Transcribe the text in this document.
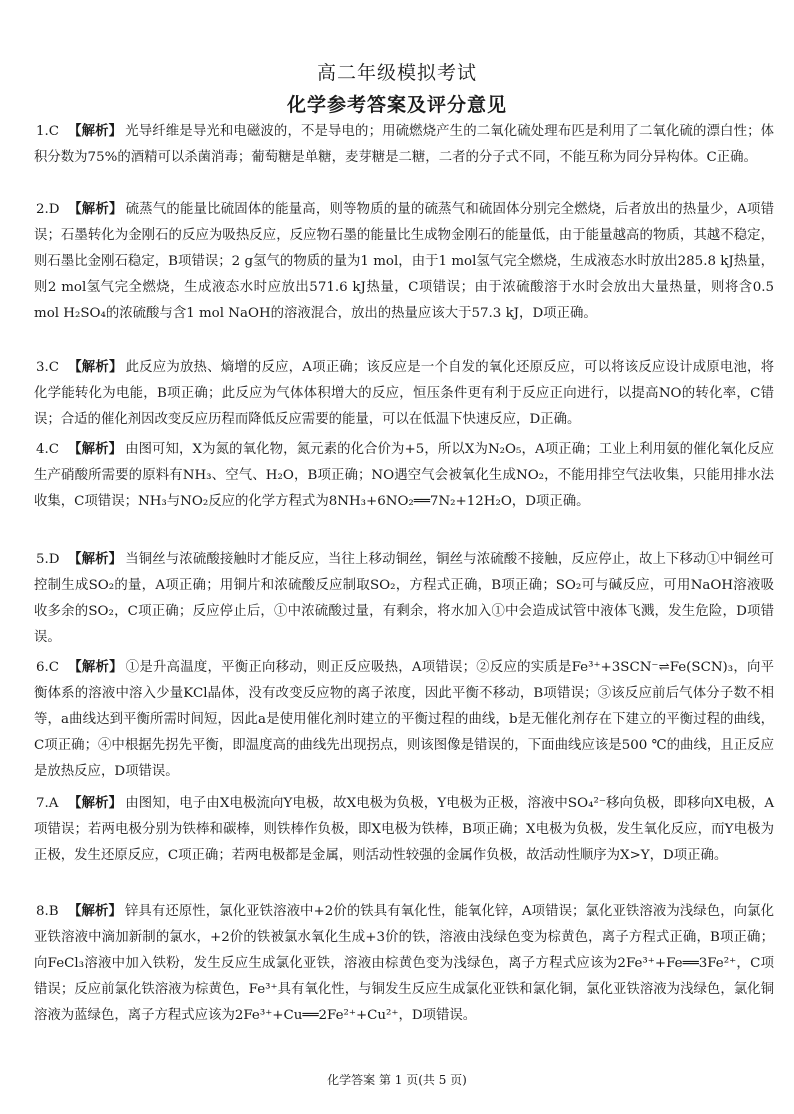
高二年级模拟考试
化学参考答案及评分意见
1.C 【解析】 光导纤维是导光和电磁波的，不是导电的；用硫燃烧产生的二氧化硫处理布匹是利用了二氧化硫的漂白性；体积分数为75%的酒精可以杀菌消毒；葡萄糖是单糖，麦芽糖是二糖，二者的分子式不同，不能互称为同分异构体。C正确。
2.D 【解析】 硫蒸气的能量比硫固体的能量高，则等物质的量的硫蒸气和硫固体分别完全燃烧，后者放出的热量少，A项错误；石墨转化为金刚石的反应为吸热反应，反应物石墨的能量比生成物金刚石的能量低，由于能量越高的物质，其越不稳定，则石墨比金刚石稳定，B项错误；2 g氢气的物质的量为1 mol，由于1 mol氢气完全燃烧，生成液态水时放出285.8 kJ热量，则2 mol氢气完全燃烧，生成液态水时应放出571.6 kJ热量，C项错误；由于浓硫酸溶于水时会放出大量热量，则将含0.5 mol H₂SO₄的浓硫酸与含1 mol NaOH的溶液混合，放出的热量应该大于57.3 kJ，D项正确。
3.C 【解析】 此反应为放热、熵增的反应，A项正确；该反应是一个自发的氧化还原反应，可以将该反应设计成原电池，将化学能转化为电能，B项正确；此反应为气体体积增大的反应，恒压条件更有利于反应正向进行，以提高NO的转化率，C错误；合适的催化剂因改变反应历程而降低反应需要的能量，可以在低温下快速反应，D正确。
4.C 【解析】 由图可知，X为氮的氧化物，氮元素的化合价为+5，所以X为N₂O₅，A项正确；工业上利用氨的催化氧化反应生产硝酸所需要的原料有NH₃、空气、H₂O，B项正确；NO遇空气会被氧化生成NO₂，不能用排空气法收集，只能用排水法收集，C项错误；NH₃与NO₂反应的化学方程式为8NH₃+6NO₂══7N₂+12H₂O，D项正确。
5.D 【解析】 当铜丝与浓硫酸接触时才能反应，当往上移动铜丝，铜丝与浓硫酸不接触，反应停止，故上下移动①中铜丝可控制生成SO₂的量，A项正确；用铜片和浓硫酸反应制取SO₂，方程式正确，B项正确；SO₂可与碱反应，可用NaOH溶液吸收多余的SO₂，C项正确；反应停止后，①中浓硫酸过量，有剩余，将水加入①中会造成试管中液体飞溅，发生危险，D项错误。
6.C 【解析】 ①是升高温度，平衡正向移动，则正反应吸热，A项错误；②反应的实质是Fe³⁺+3SCN⁻⇌Fe(SCN)₃，向平衡体系的溶液中溶入少量KCl晶体，没有改变反应物的离子浓度，因此平衡不移动，B项错误；③该反应前后气体分子数不相等，a曲线达到平衡所需时间短，因此a是使用催化剂时建立的平衡过程的曲线，b是无催化剂存在下建立的平衡过程的曲线，C项正确；④中根据先拐先平衡，即温度高的曲线先出现拐点，则该图像是错误的，下面曲线应该是500 ℃的曲线，且正反应是放热反应，D项错误。
7.A 【解析】 由图知，电子由X电极流向Y电极，故X电极为负极，Y电极为正极，溶液中SO₄²⁻移向负极，即移向X电极，A项错误；若两电极分别为铁棒和碳棒，则铁棒作负极，即X电极为铁棒，B项正确；X电极为负极，发生氧化反应，而Y电极为正极，发生还原反应，C项正确；若两电极都是金属，则活动性较强的金属作负极，故活动性顺序为X>Y，D项正确。
8.B 【解析】 锌具有还原性，氯化亚铁溶液中+2价的铁具有氧化性，能氧化锌，A项错误；氯化亚铁溶液为浅绿色，向氯化亚铁溶液中滴加新制的氯水，+2价的铁被氯水氧化生成+3价的铁，溶液由浅绿色变为棕黄色，离子方程式正确，B项正确；向FeCl₃溶液中加入铁粉，发生反应生成氯化亚铁，溶液由棕黄色变为浅绿色，离子方程式应该为2Fe³⁺+Fe══3Fe²⁺，C项错误；反应前氯化铁溶液为棕黄色，Fe³⁺具有氧化性，与铜发生反应生成氯化亚铁和氯化铜，氯化亚铁溶液为浅绿色，氯化铜溶液为蓝绿色，离子方程式应该为2Fe³⁺+Cu══2Fe²⁺+Cu²⁺，D项错误。
化学答案 第 1 页(共 5 页)
